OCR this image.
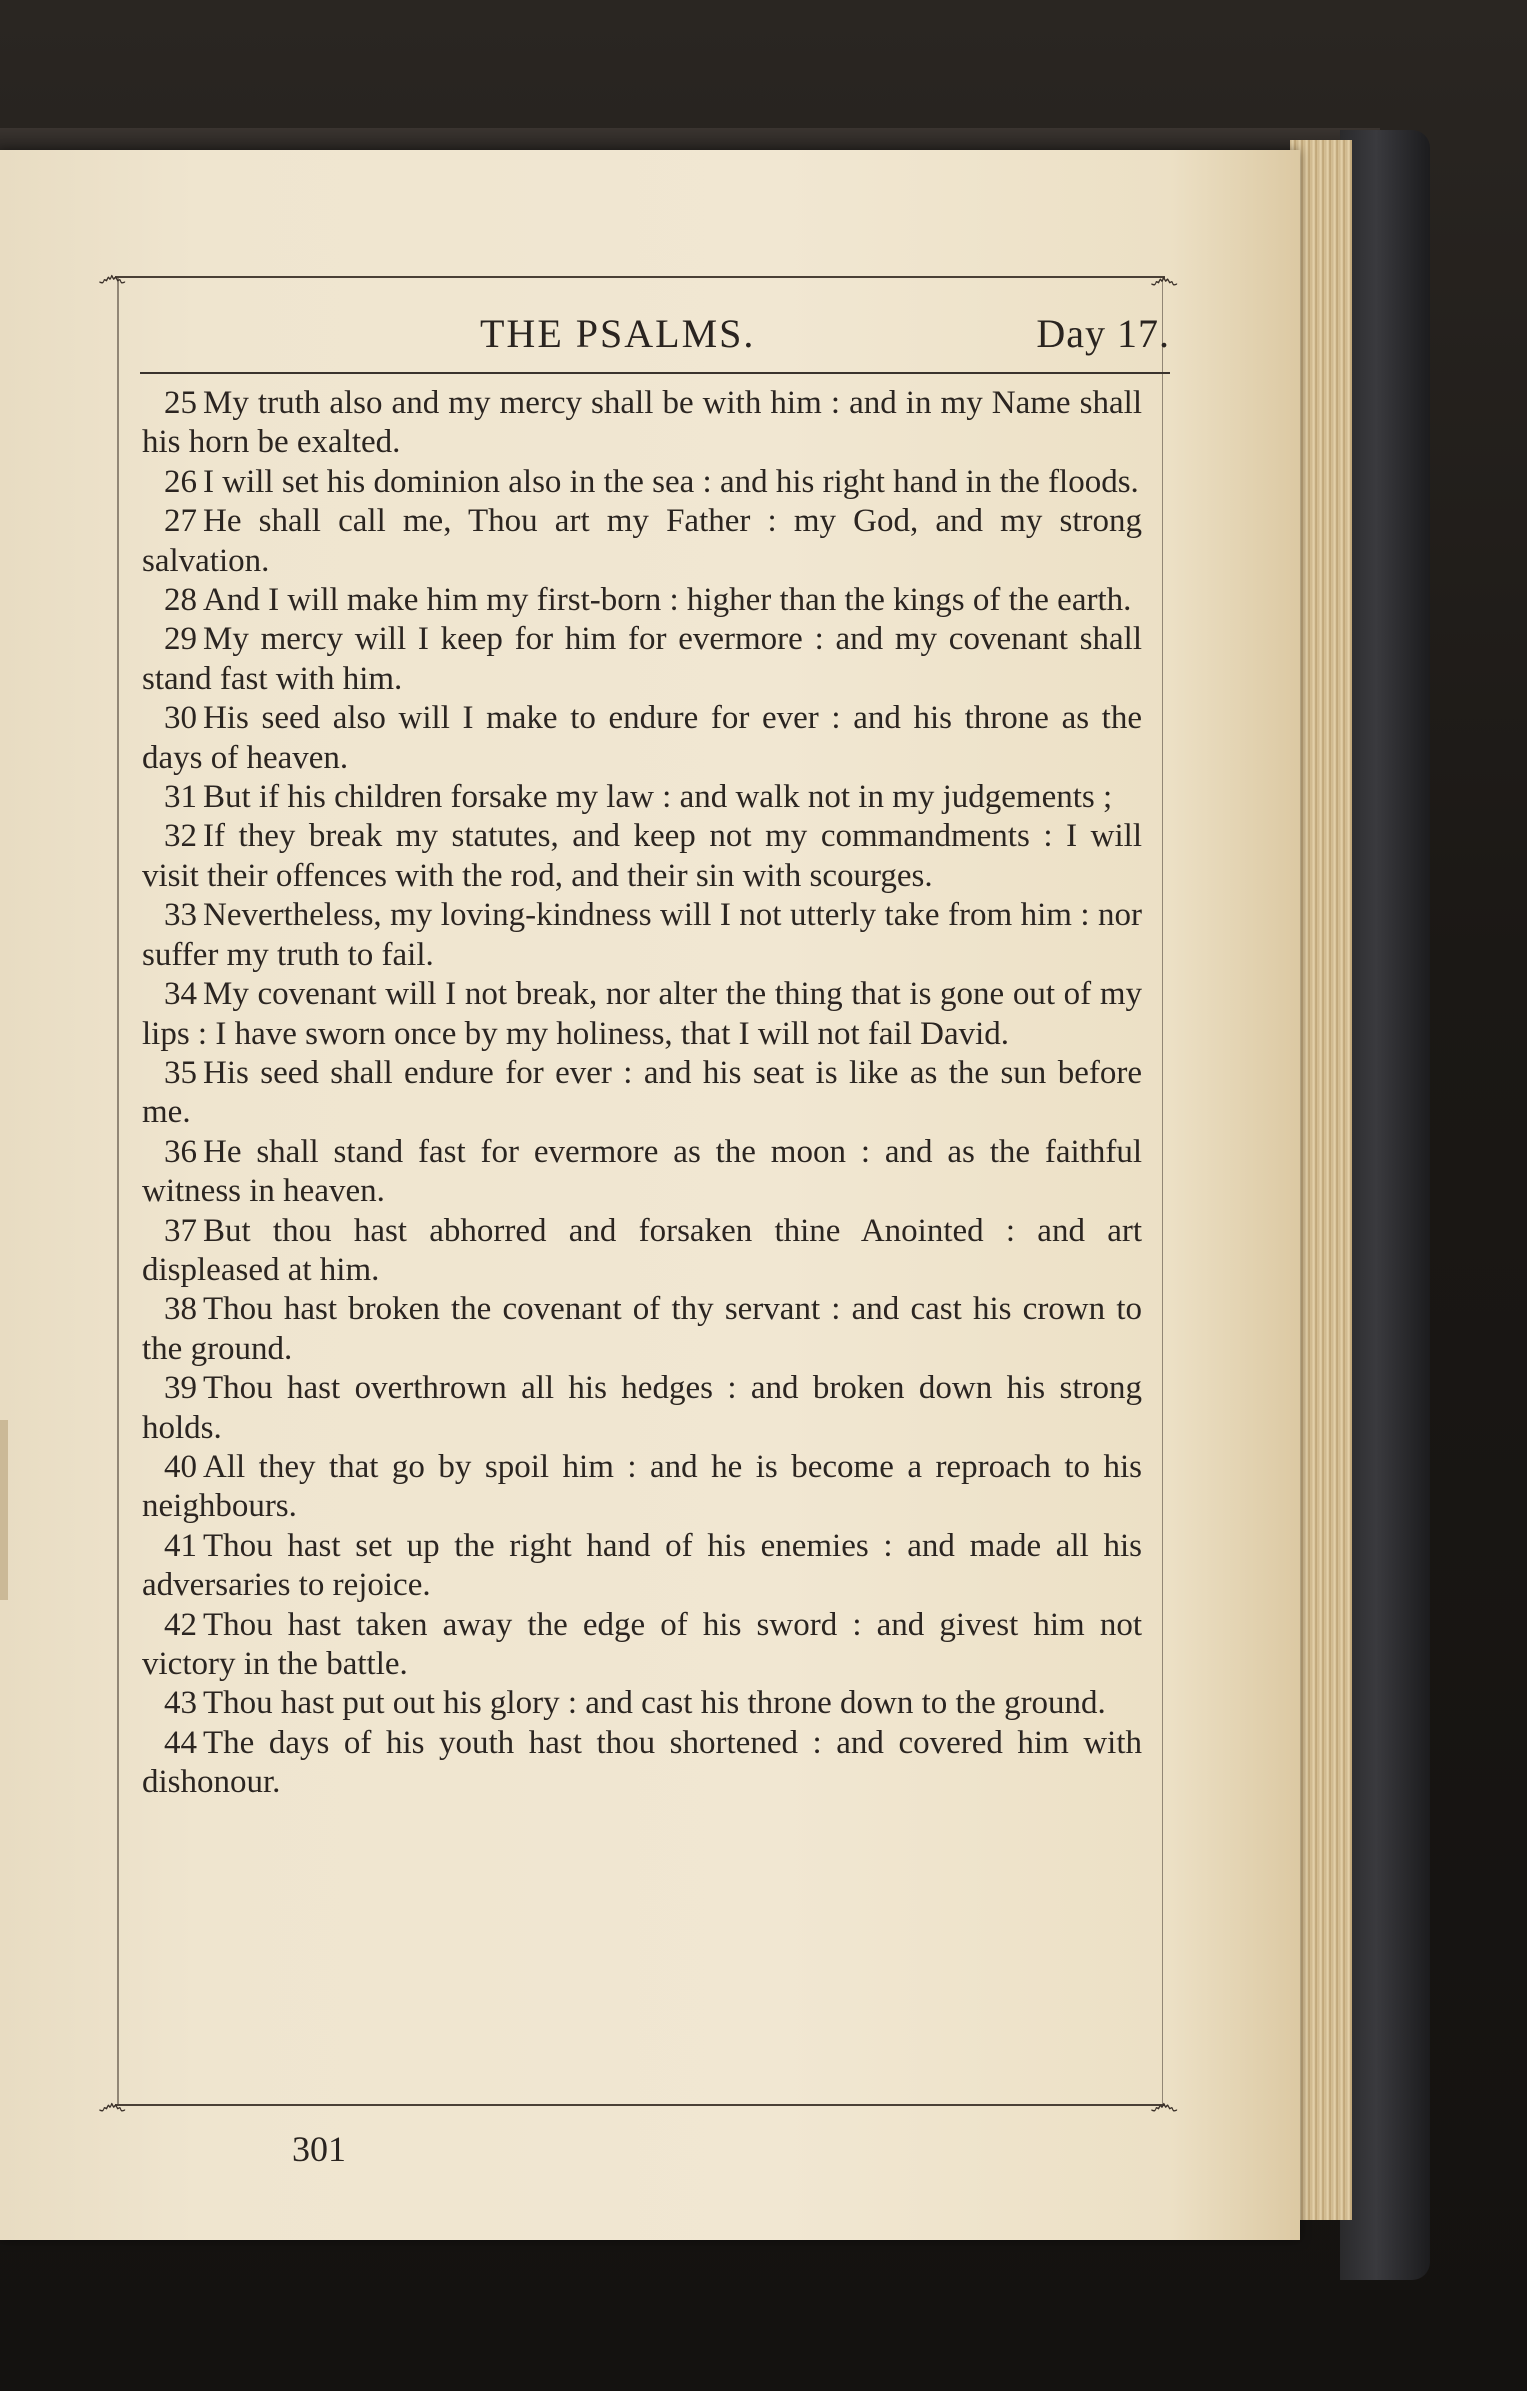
෴	෴
෴	෴
THE PSALMS.	Day 17.

25 My truth also and my mercy shall be with him : and in my Name shall his horn be exalted.

26 I will set his dominion also in the sea : and his right hand in the floods.

27 He shall call me, Thou art my Father : my God, and my strong salvation.

28 And I will make him my first-born : higher than the kings of the earth.

29 My mercy will I keep for him for evermore : and my covenant shall stand fast with him.

30 His seed also will I make to endure for ever : and his throne as the days of heaven.

31 But if his children forsake my law : and walk not in my judgements ;

32 If they break my statutes, and keep not my commandments : I will visit their offences with the rod, and their sin with scourges.

33 Nevertheless, my loving-kindness will I not utterly take from him : nor suffer my truth to fail.

34 My covenant will I not break, nor alter the thing that is gone out of my lips : I have sworn once by my holiness, that I will not fail David.

35 His seed shall endure for ever : and his seat is like as the sun before me.

36 He shall stand fast for evermore as the moon : and as the faithful witness in heaven.

37 But thou hast abhorred and forsaken thine Anointed : and art displeased at him.

38 Thou hast broken the covenant of thy servant : and cast his crown to the ground.

39 Thou hast overthrown all his hedges : and broken down his strong holds.

40 All they that go by spoil him : and he is become a reproach to his neighbours.

41 Thou hast set up the right hand of his enemies : and made all his adversaries to rejoice.

42 Thou hast taken away the edge of his sword : and givest him not victory in the battle.

43 Thou hast put out his glory : and cast his throne down to the ground.

44 The days of his youth hast thou shortened : and covered him with dishonour.

301
